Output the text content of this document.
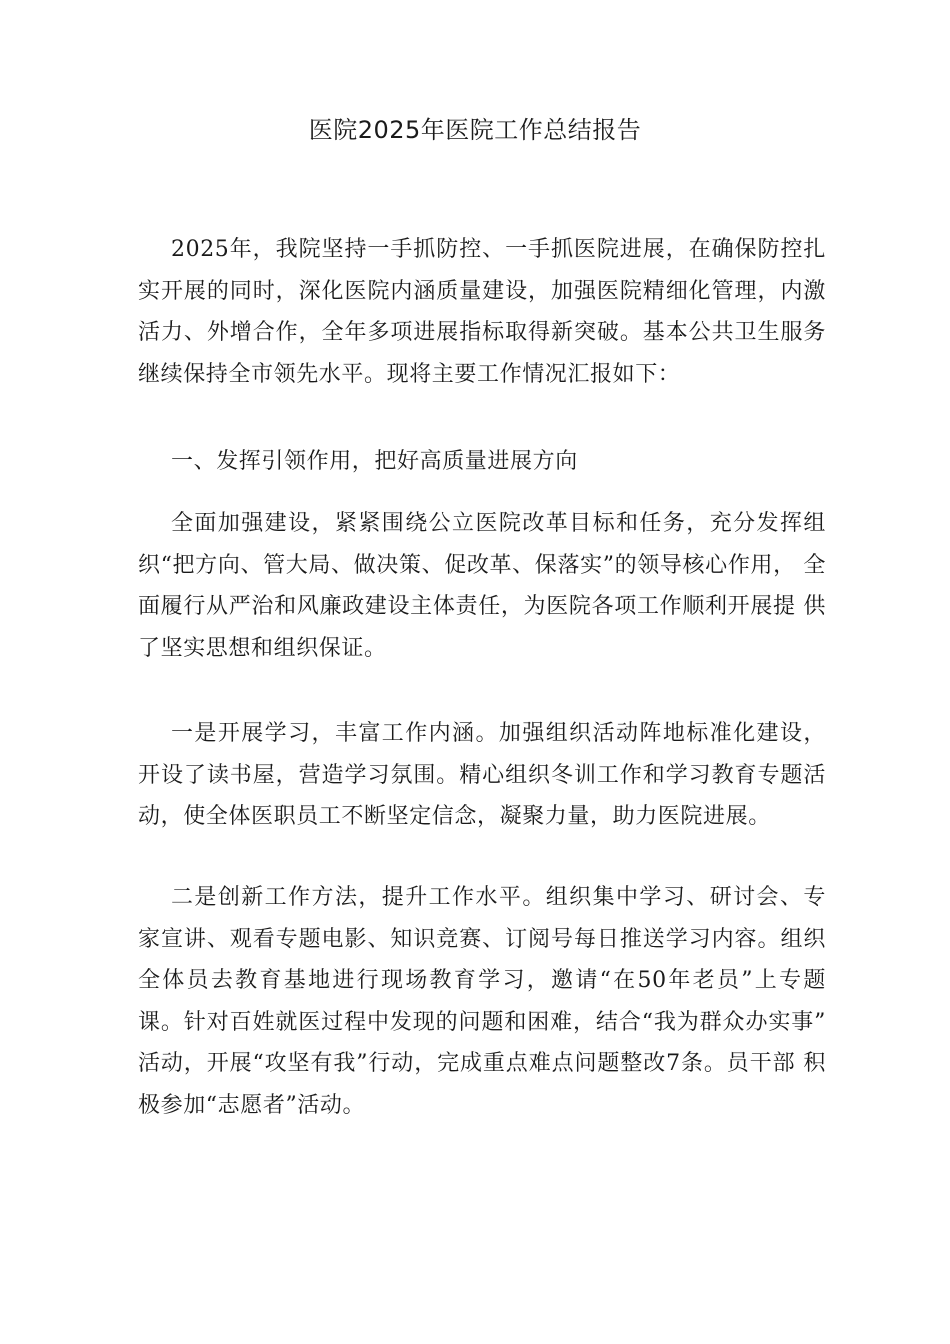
医院2025年医院工作总结报告

2025年，我院坚持一手抓防控、一手抓医院进展，在确保防控扎 实开展的同时，深化医院内涵质量建设，加强医院精细化管理，内激 活力、外增合作，全年多项进展指标取得新突破。基本公共卫生服务 继续保持全市领先水平。现将主要工作情况汇报如下：

一、发挥引领作用，把好高质量进展方向

全面加强建设，紧紧围绕公立医院改革目标和任务，充分发挥组织“把方向、管大局、做决策、促改革、保落实”的领导核心作用， 全面履行从严治和风廉政建设主体责任，为医院各项工作顺利开展提 供了坚实思想和组织保证。

一是开展学习，丰富工作内涵。加强组织活动阵地标准化建设， 开设了读书屋，营造学习氛围。精心组织冬训工作和学习教育专题活 动，使全体医职员工不断坚定信念，凝聚力量，助力医院进展。

二是创新工作方法，提升工作水平。组织集中学习、研讨会、专 家宣讲、观看专题电影、知识竞赛、订阅号每日推送学习内容。组织 全体员去教育基地进行现场教育学习，邀请“在50年老员”上专题 课。针对百姓就医过程中发现的问题和困难，结合“我为群众办实事” 活动，开展“攻坚有我”行动，完成重点难点问题整改7条。员干部 积极参加“志愿者”活动。
